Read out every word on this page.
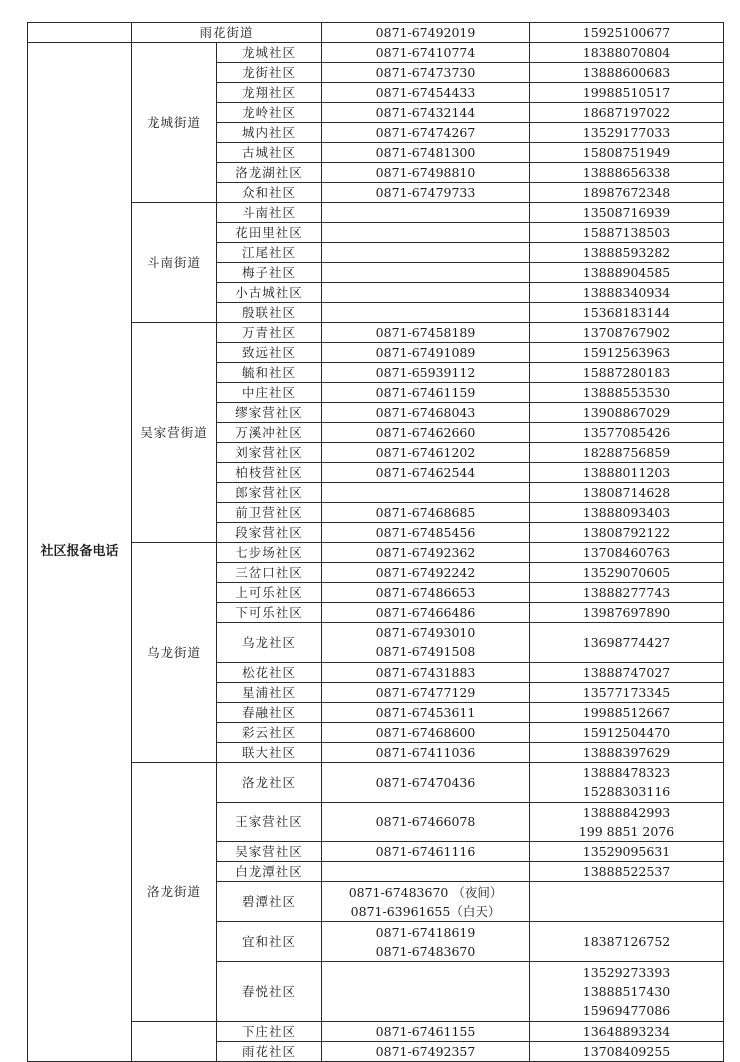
	雨花街道		0871-67492019	15925100677
社区报备电话	龙城街道	龙城社区	0871-67410774	18388070804

		龙街社区	0871-67473730	13888600683

		龙翔社区	0871-67454433	19988510517

		龙岭社区	0871-67432144	18687197022

		城内社区	0871-67474267	13529177033

		古城社区	0871-67481300	15808751949

		洛龙湖社区	0871-67498810	13888656338

		众和社区	0871-67479733	18987672348

	斗南街道	斗南社区		13508716939

		花田里社区		15887138503

		江尾社区		13888593282

		梅子社区		13888904585

		小古城社区		13888340934

		殷联社区		15368183144

	吴家营街道	万青社区	0871-67458189	13708767902

		致远社区	0871-67491089	15912563963

		毓和社区	0871-65939112	15887280183

		中庄社区	0871-67461159	13888553530

		缪家营社区	0871-67468043	13908867029

		万溪冲社区	0871-67462660	13577085426

		刘家营社区	0871-67461202	18288756859

		柏枝营社区	0871-67462544	13888011203

		郎家营社区		13808714628

		前卫营社区	0871-67468685	13888093403

		段家营社区	0871-67485456	13808792122

	乌龙街道	七步场社区	0871-67492362	13708460763

		三岔口社区	0871-67492242	13529070605

		上可乐社区	0871-67486653	13888277743

		下可乐社区	0871-67466486	13987697890

		乌龙社区	0871-67493010
0871-67491508	13698774427

		松花社区	0871-67431883	13888747027

		星浦社区	0871-67477129	13577173345

		春融社区	0871-67453611	19988512667

		彩云社区	0871-67468600	15912504470

		联大社区	0871-67411036	13888397629

	洛龙街道	洛龙社区	0871-67470436	13888478323
15288303116

		王家营社区	0871-67466078	13888842993
199 8851 2076

		吴家营社区	0871-67461116	13529095631

		白龙潭社区		13888522537

		碧潭社区	0871-67483670 （夜间）
0871-63961655（白天）	

		宜和社区	0871-67418619
0871-67483670	18387126752

		春悦社区		13529273393
13888517430
15969477086

		下庄社区	0871-67461155	13648893234

		雨花社区	0871-67492357	13708409255
